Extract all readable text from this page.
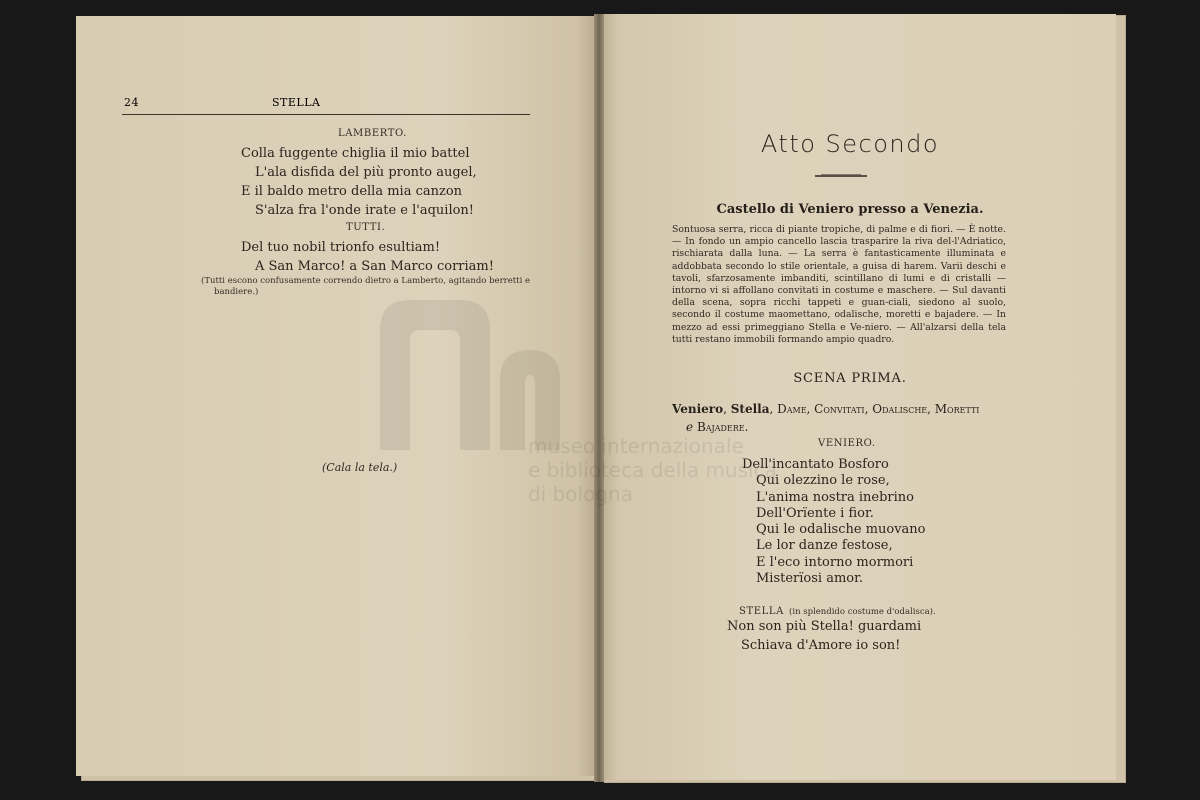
24	STELLA
LAMBERTO.
Colla fuggente chiglia il mio battel
L'ala disfida del più pronto augel,
E il baldo metro della mia canzon
S'alza fra l'onde irate e l'aquilon!
TUTTI.
Del tuo nobil trionfo esultiam!
A San Marco! a San Marco corriam!
(Tutti escono confusamente correndo dietro a Lamberto, agitando berretti e
bandiere.)
(Cala la tela.)
museo internazionale
e biblioteca della musica
di bologna
Atto Secondo
Castello di Veniero presso a Venezia.
Sontuosa serra, ricca di piante tropiche, di palme e di fiori. — È notte. — In fondo un ampio cancello lascia trasparire la riva del-l'Adriatico, rischiarata dalla luna. — La serra è fantasticamente illuminata e addobbata secondo lo stile orientale, a guisa di harem. Varii deschi e tavoli, sfarzosamente imbanditi, scintillano di lumi e di cristalli — intorno vi si affollano convitati in costume e maschere. — Sul davanti della scena, sopra ricchi tappeti e guan-ciali, siedono al suolo, secondo il costume maomettano, odalische, moretti e bajadere. — In mezzo ad essi primeggiano Stella e Ve-niero. — All'alzarsi della tela tutti restano immobili formando ampio quadro.
SCENA PRIMA.
Veniero, Stella, Dame, Convitati, Odalische, Moretti
e Bajadere.
VENIERO.
Dell'incantato Bosforo
Qui olezzino le rose,
L'anima nostra inebrino
Dell'Orïente i fior.
Qui le odalische muovano
Le lor danze festose,
E l'eco intorno mormori
Misterïosi amor.
STELLA (in splendido costume d'odalisca).
Non son più Stella! guardami
Schiava d'Amore io son!
